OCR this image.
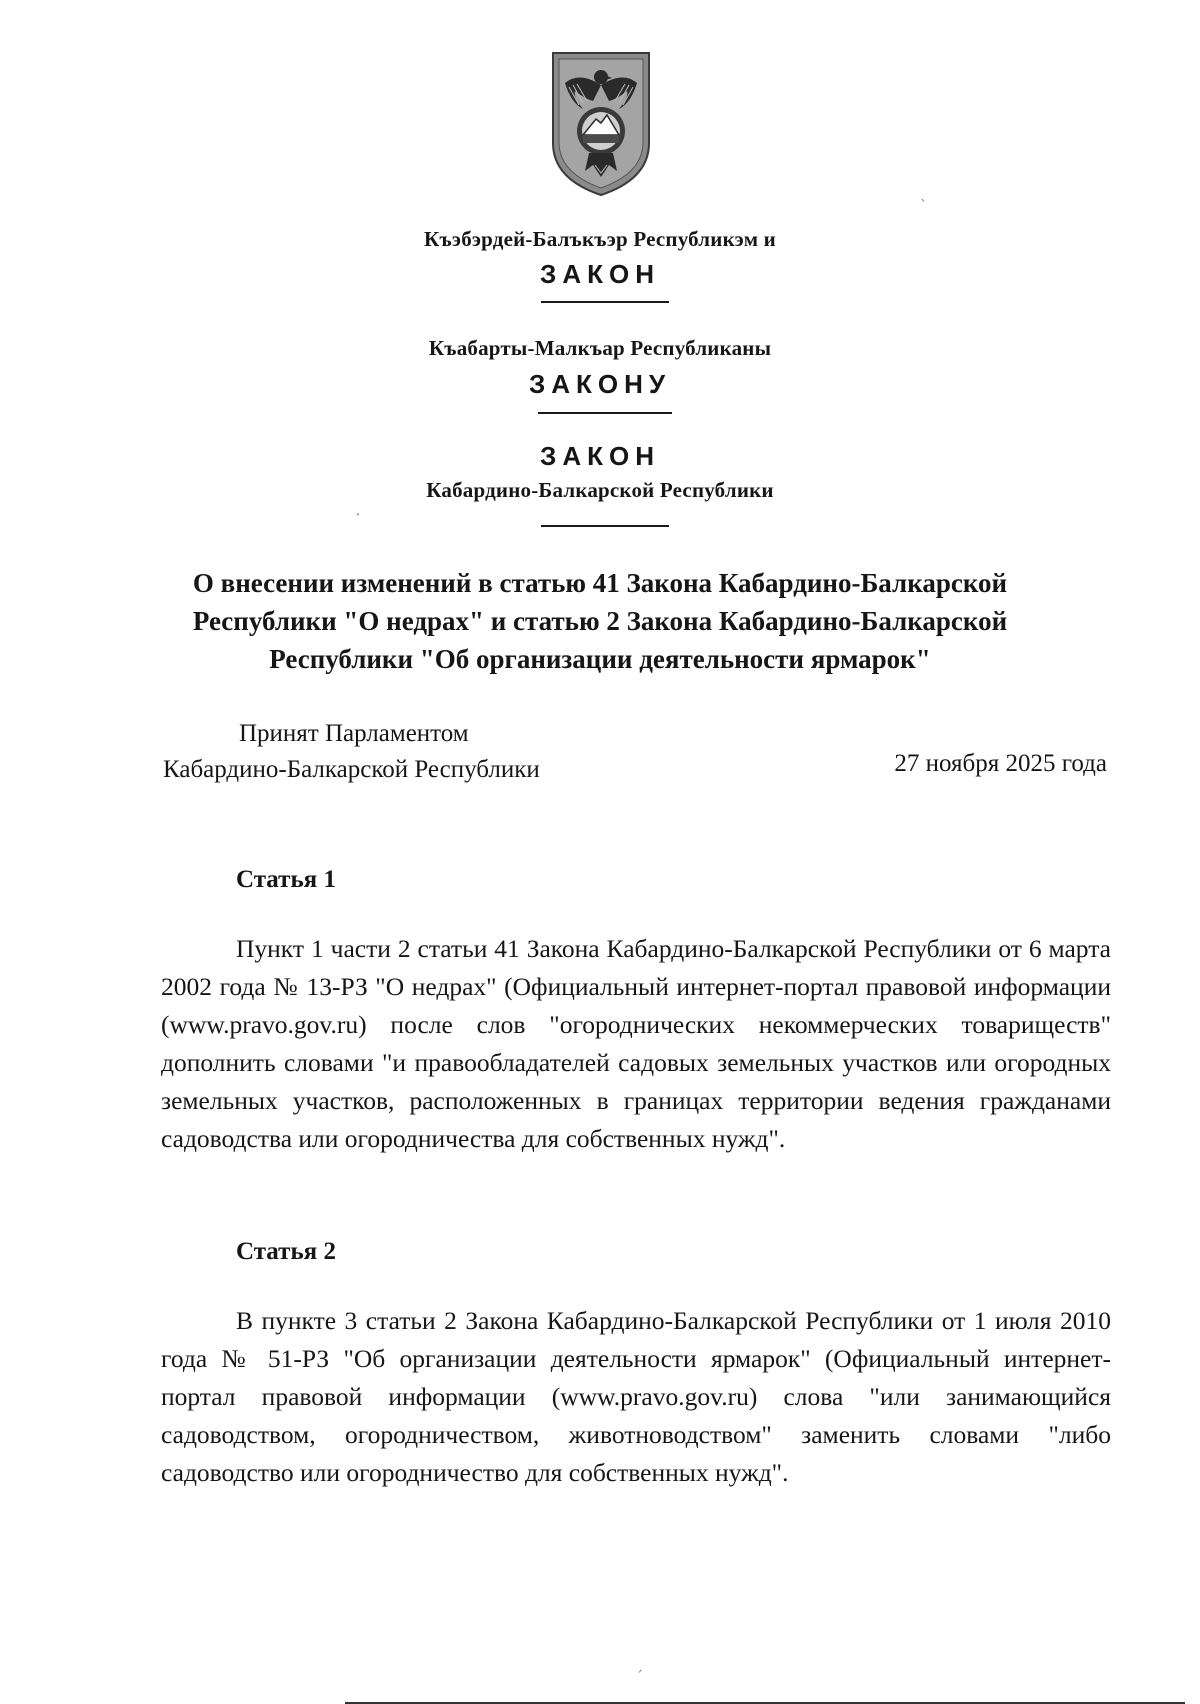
Къэбэрдей-Балъкъэр Республикэм и
ЗАКОН
Къабарты-Малкъар Республиканы
ЗАКОНУ
ЗАКОН
Кабардино-Балкарской Республики
⸱
ˎ
ˏ
О внесении изменений в статью 41 Закона Кабардино-Балкарской
Республики "О недрах" и статью 2 Закона Кабардино-Балкарской
Республики "Об организации деятельности ярмарок"
Принят Парламентом
Кабардино-Балкарской Республики	27 ноября 2025 года
Статья 1
Пункт 1 части 2 статьи 41 Закона Кабардино-Балкарской Республики от 6 марта 2002 года № 13-РЗ "О недрах" (Официальный интернет-портал правовой информации (www.pravo.gov.ru) после слов "огороднических некоммерческих товариществ" дополнить словами "и правообладателей садовых земельных участков или огородных земельных участков, расположенных в границах территории ведения гражданами садоводства или огородничества для собственных нужд".
Статья 2
В пункте 3 статьи 2 Закона Кабардино-Балкарской Республики от 1 июля 2010 года № 51-РЗ "Об организации деятельности ярмарок" (Официальный интернет-портал правовой информации (www.pravo.gov.ru) слова "или занимающийся садоводством, огородничеством, животноводством" заменить словами "либо садоводство или огородничество для собственных нужд".
